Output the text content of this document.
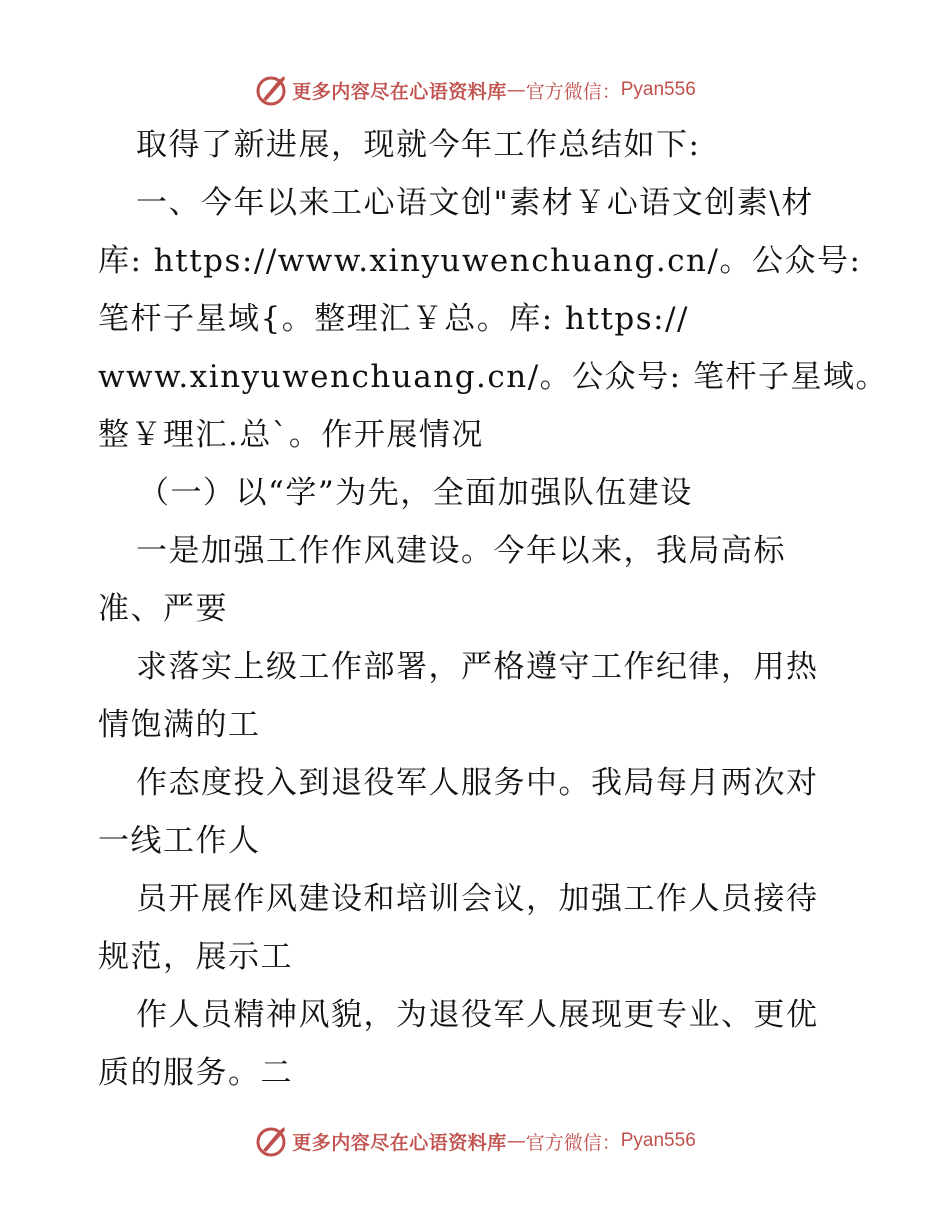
更多内容尽在心语资料库 — 官方微信： Pyan556
取得了新进展，现就今年工作总结如下:
一、今年以来工心语文创"素材￥心语文创素\材
库: https://www.xinyuwenchuang.cn/。公众号:
笔杆子星域{。整理汇￥总。库: https://
www.xinyuwenchuang.cn/。公众号: 笔杆子星域。
整￥理汇.总`。作开展情况
（一）以“学”为先，全面加强队伍建设
一是加强工作作风建设。今年以来，我局高标
准、严要
求落实上级工作部署，严格遵守工作纪律，用热
情饱满的工
作态度投入到退役军人服务中。我局每月两次对
一线工作人
员开展作风建设和培训会议，加强工作人员接待
规范，展示工
作人员精神风貌，为退役军人展现更专业、更优
质的服务。二
更多内容尽在心语资料库 — 官方微信： Pyan556
